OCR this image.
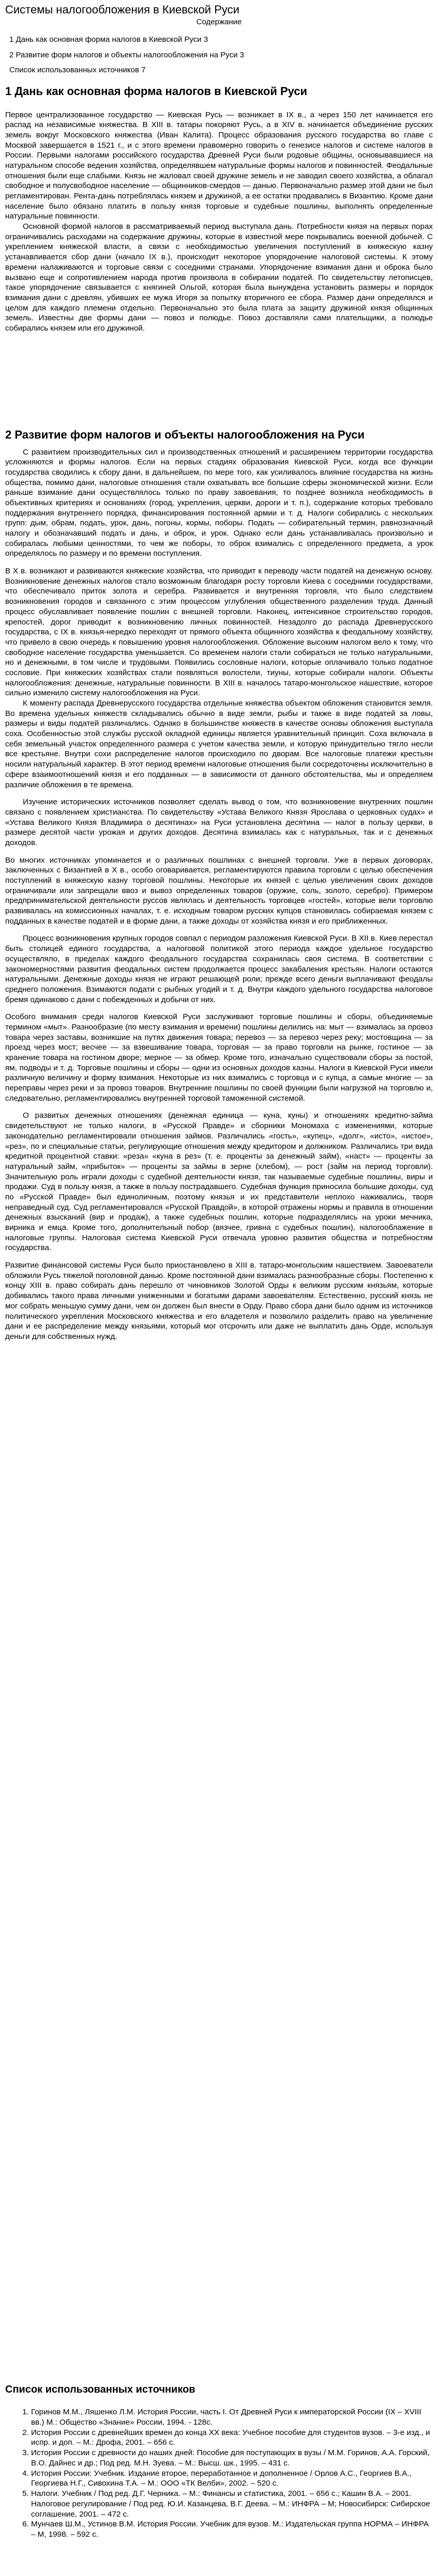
Системы налогообложения в Киевской Руси
Содержание
1 Дань как основная форма налогов в Киевской Руси 3
2 Развитие форм налогов и объекты налогообложения на Руси 3
Список использованных источников 7
1 Дань как основная форма налогов в Киевской Руси

Первое централизованное государство — Киевская Русь — возникает в IX в., а через 150 лет начинается его распад на независимые княжества. В XIII в. татары покоряют Русь, а в XIV в. начинается объединение русских земель вокруг Московского княжества (Иван Калита). Процесс образования русского государства во главе с Москвой завершается в 1521 г., и с этого времени правомерно говорить о генезисе налогов и системе налогов в России. Первыми налогами российского государства Древней Руси были родовые общины, основывавшиеся на натуральном способе ведения хозяйства, определявшем натуральные формы налогов и повинностей. Феодальные отношения были еще слабыми. Князь не жаловал своей дружине земель и не заводил своего хозяйства, а облагал свободное и полусвободное население — общинников-смердов — данью. Первоначально размер этой дани не был регламентирован. Рента-дань потреблялась князем и дружиной, а ее остатки продавались в Византию. Кроме дани население было обязано платить в пользу князя торговые и судебные пошлины, выполнять определенные натуральные повинности.

Основной формой налогов в рассматриваемый период выступала дань. Потребности князя на первых порах ограничивались расходами на содержание дружины, которые в известной мере покрывались военной добычей. С укреплением княжеской власти, а связи с необходимостью увеличения поступлений в княжескую казну устанавливается сбор дани (начало IX в.), происходит некоторое упорядочение налоговой системы. К этому времени налаживаются и торговые связи с соседними странами. Упорядочение взимания дани и оброка было вызвано еще и сопротивлением народа против произвола в собирании податей. По свидетельству летописцев, такое упорядочение связывается с княгиней Ольгой, которая была вынуждена установить размеры и порядок взимания дани с древлян, убивших ее мужа Игоря за попытку вторичного ее сбора. Размер дани определялся и целом для каждого племени отдельно. Первоначально это была плата за защиту дружиной князя общинных земель. Известны две формы дани — повоз и полюдье. Повоз доставляли сами плательщики, а полюдье собирались князем или его дружиной.

2 Развитие форм налогов и объекты налогообложения на Руси

С развитием производительных сил и производственных отношений и расширением территории государства усложняются и формы налогов. Если на первых стадиях образования Киевской Руси, когда все функции государства сводились к сбору дани, в дальнейшем, по мере того, как усиливалось влияние государства на жизнь общества, помимо дани, налоговые отношения стали охватывать все большие сферы экономической жизни. Если раньше взимание дани осуществлялось только по праву завоевания, то позднее возникла необходимость в объективных критериях и основаниях (город, укрепления, церкви, дороги и т. п.), содержание которых требовало поддержания внутреннего порядка, финансирования постоянной армии и т. д. Налоги собирались с нескольких групп: дым, обрам, подать, урок, дань, погоны, кормы, поборы. Подать — собирательный термин, равнозначный налогу и обозначавший подать и дань, и оброк, и урок. Однако если дань устанавливалась произвольно и собиралась любыми ценностями, то чем же поборы, то оброк взимались с определенного предмета, а урок определялось по размеру и по времени поступления.

В X в. возникают и развиваются княжеские хозяйства, что приводит к переводу части податей на денежную основу. Возникновение денежных налогов стало возможным благодаря росту торговли Киева с соседними государствами, что обеспечивало приток золота и серебра. Развивается и внутренняя торговля, что было следствием возникновения городов и связанного с этим процессом углубления общественного разделения труда. Данный процесс обуславливает появление пошлин с внешней торговли. Наконец, интенсивное строительство городов, крепостей, дорог приводит к возникновению личных повинностей. Незадолго до распада Древнерусского государства, с IX в. князья-нередко переходят от прямого объекта общинного хозяйства к феодальному хозяйству, что привело в свою очередь к повышению уровня налогообложения. Обложение высоким налогом вело к тому, что свободное население государства уменьшается. Со временем налоги стали собираться не только натуральными, но и денежными, в том числе и трудовыми. Появились сословные налоги, которые оплачивало только податное сословие. При княжеских хозяйствах стали появляться волостели, тиуны, которые собирали налоги. Объекты налогообложения: денежные, натуральные повинности. В XIII в. началось татаро-монгольское нашествие, которое сильно изменило систему налогообложения на Руси.

К моменту распада Древнерусского государства отдельные княжества объектом обложения становится земля. Во времена удельных княжеств складывались обычно в виде земли, рыбы и также в виде податей за ловы, размеры и виды податей различались. Однако в большинстве княжеств в качестве основы обложения выступала соха. Особенностью этой службы русской окладной единицы является уравнительный принцип. Соха включала в себя земельный участок определенного размера с учетом качества земли, и которую принудительно тягло несли все крестьяне. Внутри сохи распределение налогов происходило по дворам. Все налоговые платежи крестьян носили натуральный характер. В этот период времени налоговые отношения были сосредоточены исключительно в сфере взаимоотношений князя и его подданных — в зависимости от данного обстоятельства, мы и определяем различие обложения в те времена.

Изучение исторических источников позволяет сделать вывод о том, что возникновение внутренних пошлин связано с появлением христианства. По свидетельству «Устава Великого Князя Ярослава о церковных судах» и «Устава Великого Князя Владимира о десятинах» на Руси установлена десятина — налог в пользу церкви, в размере десятой части урожая и других доходов. Десятина взималась как с натуральных, так и с денежных доходов.

Во многих источниках упоминается и о различных пошлинах с внешней торговли. Уже в первых договорах, заключенных с Византией в X в., особо оговаривается, регламентируются правила торговли с целью обеспечения поступлений в княжескую казну торговой пошлины. Некоторые их князей с целью увеличения своих доходов ограничивали или запрещали ввоз и вывоз определенных товаров (оружие, соль, золото, серебро). Примером предпринимательской деятельности руссов являлась и деятельность торговцев «гостей», которые вели торговлю развивалась на комиссионных началах, т. е. исходным товаром русских купцов становилась собираемая князем с подданных в качестве податей и в форме дани, а также доходы от хозяйства князя и его приближенных.

Процесс возникновения крупных городов совпал с периодом разложения Киевской Руси. В XII в. Киев перестал быть столицей единого государства, а налоговой политикой этого периода каждое удельное государство осуществляло, в пределах каждого феодального государства сохранилась своя система. В соответствии с закономерностями развития феодальных систем продолжается процесс закабаления крестьян. Налоги остаются натуральными. Денежные доходы князя не играют решающей роли; прежде всего деньги выплачивают феодалы среднего положения. Взимаются подати с рыбных угодий и т. д. Внутри каждого удельного государства налоговое бремя одинаково с дани с побежденных и добычи от них.

Особого внимания среди налогов Киевской Руси заслуживают торговые пошлины и сборы, объединяемые термином «мыт». Разнообразие (по месту взимания и времени) пошлины делились на: мыт — взималась за провоз товара через заставы, возникшие на путях движения товара; перевоз — за перевоз через реку; мостовщина — за проезд через мост; весчее — за взвешивание товара, торговая — за право торговли на рынке, гостиное — за хранение товара на гостином дворе; мерное — за обмер. Кроме того, изначально существовали сборы за постой, ям, подводы и т. д. Торговые пошлины и сборы — одни из основных доходов казны. Налоги в Киевской Руси имели различную величину и форму взимания. Некоторые из них взимались с торговца и с купца, а самые многие — за переправы через реки и за провоз товаров. Внутренние пошлины по своей функции были нагрузкой на торговлю и, следовательно, регламентировались внутренней торговой таможенной системой.

О развитых денежных отношениях (денежная единица — куна, куны) и отношениях кредитно-займа свидетельствуют не только налоги, в «Русской Правде» и сборники Мономаха с изменениями, которые законодательно регламентировали отношения займов. Различались «гость», «купец», «долг», «исто», «истое», «рез», по и специальные статьи, регулирующие отношения между кредитором и должником. Различались три вида кредитной процентной ставки: «реза» «куна в рез» (т. е. проценты за денежный займ), «наст» — проценты за натуральный займ, «прибыток» — проценты за займы в зерне (хлебом), — рост (займ на период торговли). Значительную роль играли доходы с судебной деятельности князя, так называемые судебные пошлины, виры и продажи. Суд в пользу князя, а также в пользу пострадавшего. Судебная функция приносила большие доходы, суд по «Русской Правде» был единоличным, поэтому князья и их представители неплохо наживались, творя неправедный суд. Суд регламентировался «Русской Правдой», в которой отражены нормы и правила в отношении денежных взысканий (вир и продаж), а также судебных пошлин, которые подразделялись на уроки мечника, вирника и емца. Кроме того, дополнительный побор (вязчее, гривна с судебных пошлин), налогооблажение в налоговые группы. Налоговая система Киевской Руси отвечала уровню развития общества и потребностям государства.

Развитие финансовой системы Руси было приостановлено в XIII в. татаро-монгольским нашествием. Завоеватели обложили Русь тяжелой поголовной данью. Кроме постоянной дани взималась разнообразные сборы. Постепенно к концу XIII в. право собирать дань перешло от чиновников Золотой Орды к великим русским князьям, которые добивались такого права личными униженными и богатыми дарами завоевателям. Естественно, русский князь не мог собрать меньшую сумму дани, чем он должен был внести в Орду. Право сбора дани было одним из источников политического укрепления Московского княжества и его владетеля и позволило разделить право на увеличение дани и ее распределение между князьями, который мог отсрочить или даже не выплатить дань Орде, используя деньги для собственных нужд.

Список использованных источников
1. Горинов М.М., Ляшенко Л.М. История России, часть I. От Древней Руси к императорской России (IX – XVIII вв.) М.: Общество «Знание» России, 1994. - 128с.
2. История России с древнейших времен до конца XX века: Учебное пособие для студентов вузов. – 3-е изд., и испр. и доп. – М.: Дрофа, 2001. – 656 с.
3. История России с древности до наших дней: Пособие для поступающих в вузы / М.М. Горинов, А.А. Горский, В.О. Дайнес и др.; Под ред. М.Н. Зуева. – М.: Высш. шк., 1995. – 431 с.
4. История России: Учебник. Издание второе, переработанное и дополненное / Орлов А.С., Георгиев В.А., Георгиева Н.Г., Сивохина Т.А. – М.: ООО «ТК Велби», 2002. – 520 с.
5. Налоги. Учебник / Под ред. Д.Г. Черника. – М.: Финансы и статистика, 2001. – 656 с.; Кашин В.А. – 2001. Налоговое регулирование / Под ред. Ю.И. Казанцева, В.Г. Деева. – М.: ИНФРА – М; Новосибирск: Сибирское соглашение, 2001. – 472 с.
6. Мунчаев Ш.М., Устинов В.М. История России. Учебник для вузов. М.: Издательская группа НОРМА – ИНФРА – М, 1998. – 592 с.
